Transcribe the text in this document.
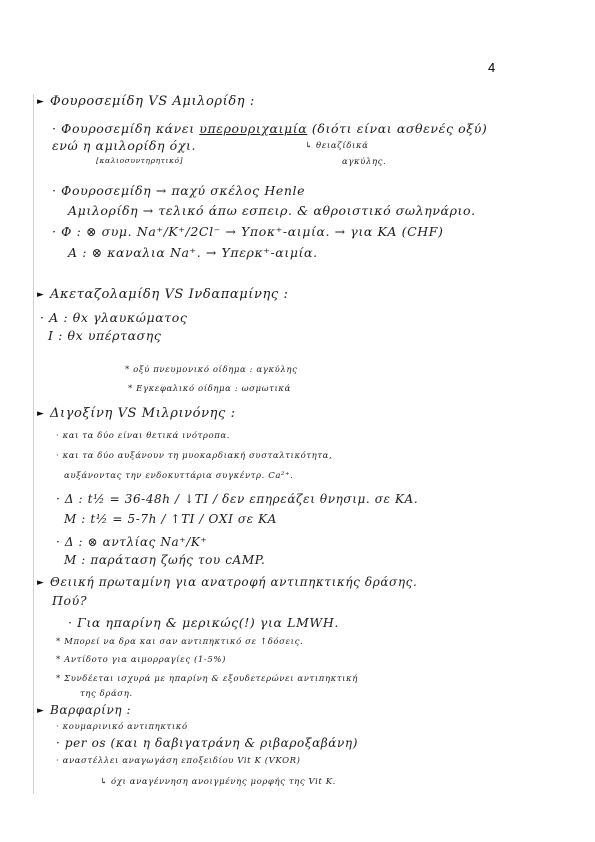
4
► Φουροσεμίδη VS Αμιλορίδη :
· Φουροσεμίδη κάνει υπερουριχαιμία (διότι είναι ασθενές οξύ)
ενώ η αμιλορίδη όχι.	↳ θειαζίδικά
αγκύλης.
[καλιοσυντηρητικό]
· Φουροσεμίδη → παχύ σκέλος Henle
Αμιλορίδη → τελικό άπω εσπειρ. & αθροιστικό σωληνάριο.
· Φ : ⊗ συμ. Na⁺/K⁺/2Cl⁻ → Υποκ⁺-αιμία. → για ΚΑ (CHF)
Α : ⊗ καναλια Na⁺. → Υπερκ⁺-αιμία.
► Ακεταζολαμίδη VS Ινδαπαμίνης :
· Α : θx γλαυκώματος
Ι : θx υπέρτασης
* οξύ πνευμονικό οίδημα : αγκύλης
* Εγκεφαλικό οίδημα : ωσμωτικά
► Διγοξίνη VS Μιλρινόνης :
· και τα δύο είναι θετικά ινότροπα.
· και τα δύο αυξάνουν τη μυοκαρδιακή συσταλτικότητα,
αυξάνοντας την ενδοκυττάρια συγκέντρ. Ca²⁺.
· Δ : t½ = 36-48h / ↓TI / δεν επηρεάζει θνησιμ. σε ΚΑ.
Μ : t½ = 5-7h / ↑TI / ΟΧΙ σε ΚΑ
· Δ : ⊗ αντλίας Na⁺/K⁺
Μ : παράταση ζωής του cAMP.
► Θειική πρωταμίνη για ανατροφή αντιπηκτικής δράσης.
Πού?
· Για ηπαρίνη & μερικώς(!) για LMWH.
* Μπορεί να δρα και σαν αντιπηκτικό σε ↑δόσεις.
* Αντίδοτο για αιμορραγίες (1-5%)
* Συνδέεται ισχυρά με ηπαρίνη & εξουδετερώνει αντιπηκτική
της δράση.
► Βαρφαρίνη :
· κουμαρινικό αντιπηκτικό
· per os (και η δαβιγατράνη & ριβαροξαβάνη)
· αναστέλλει αναγωγάση εποξειδίου Vit K (VKOR)
↳ όχι αναγέννηση ανοιγμένης μορφής της Vit K.
